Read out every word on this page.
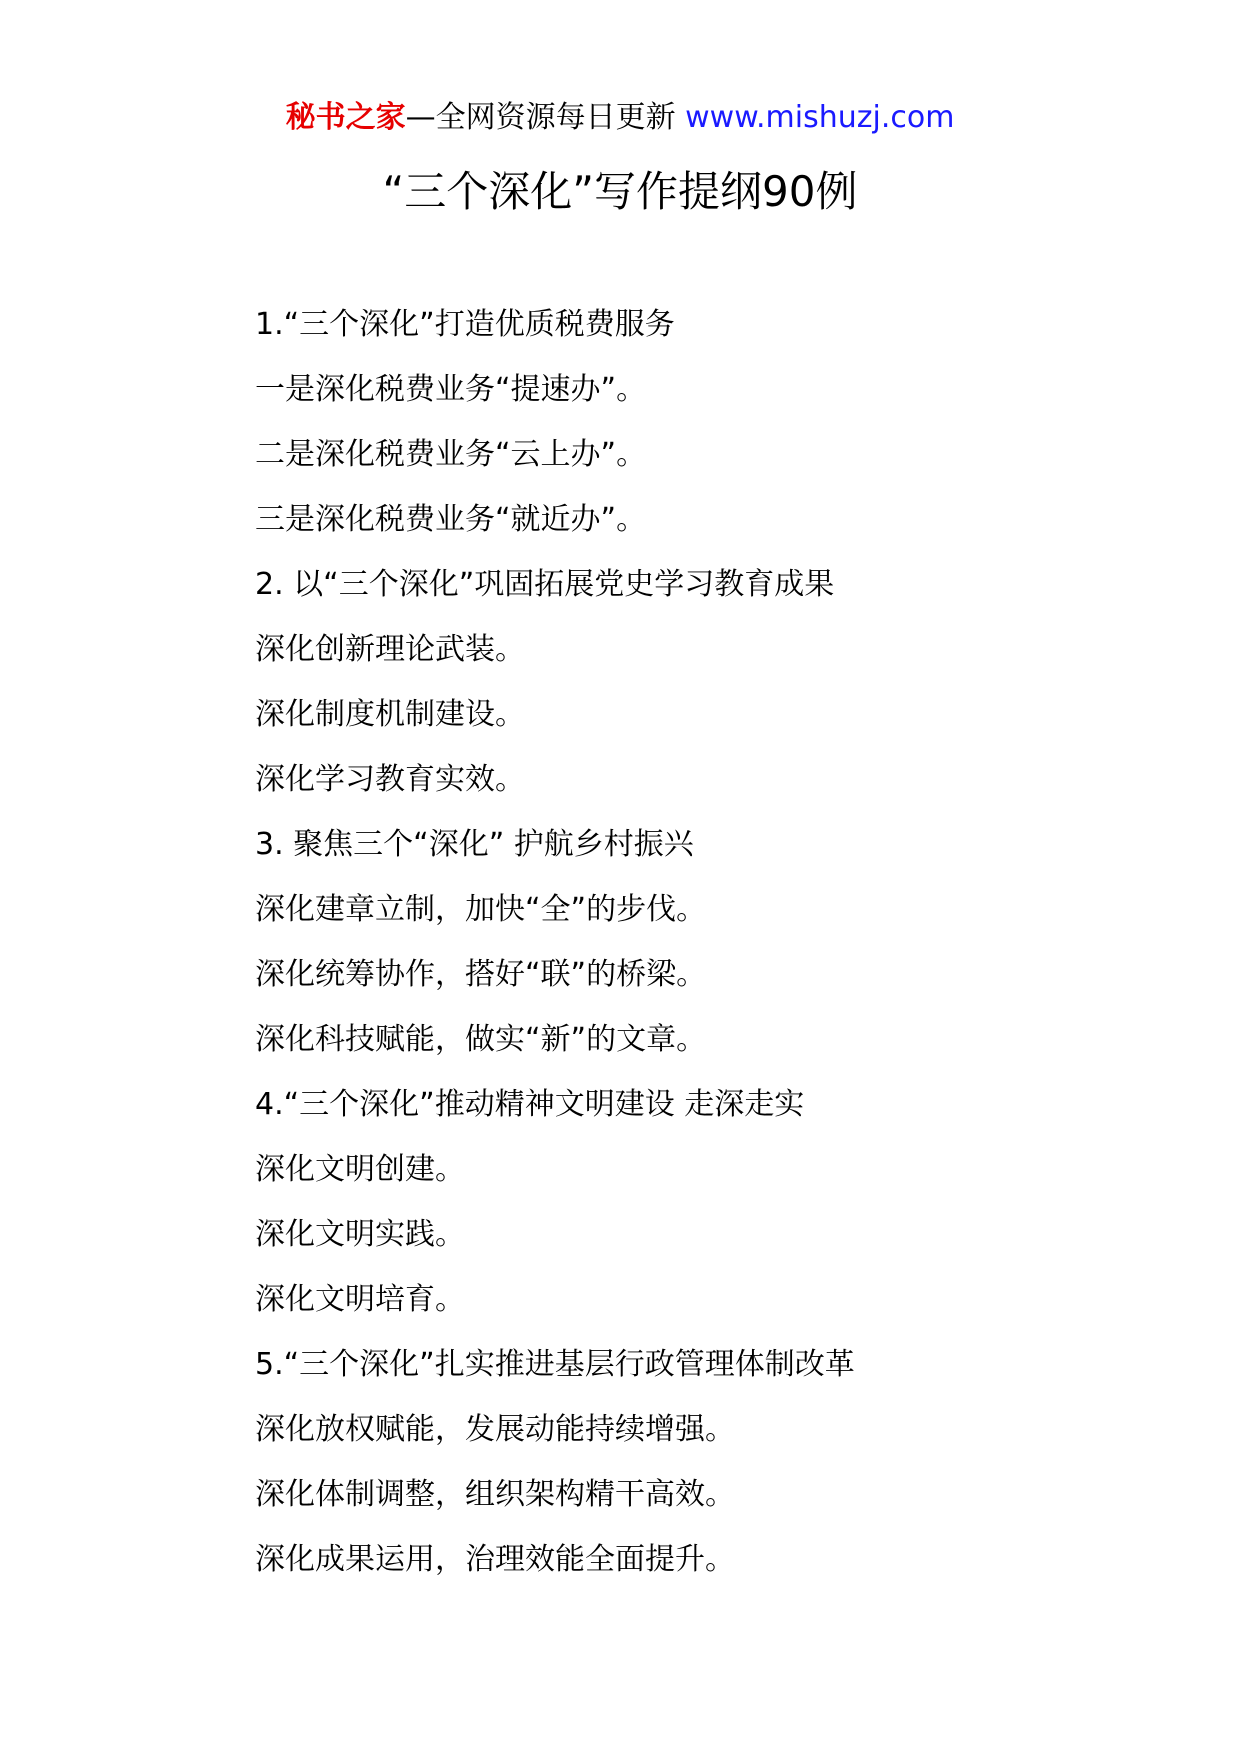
秘书之家—全网资源每日更新 www.mishuzj.com
“三个深化”写作提纲90例
1.“三个深化”打造优质税费服务
一是深化税费业务“提速办”。
二是深化税费业务“云上办”。
三是深化税费业务“就近办”。
2. 以“三个深化”巩固拓展党史学习教育成果
深化创新理论武装。
深化制度机制建设。
深化学习教育实效。
3. 聚焦三个“深化” 护航乡村振兴
深化建章立制，加快“全”的步伐。
深化统筹协作，搭好“联”的桥梁。
深化科技赋能，做实“新”的文章。
4.“三个深化”推动精神文明建设 走深走实
深化文明创建。
深化文明实践。
深化文明培育。
5.“三个深化”扎实推进基层行政管理体制改革
深化放权赋能，发展动能持续增强。
深化体制调整，组织架构精干高效。
深化成果运用，治理效能全面提升。
